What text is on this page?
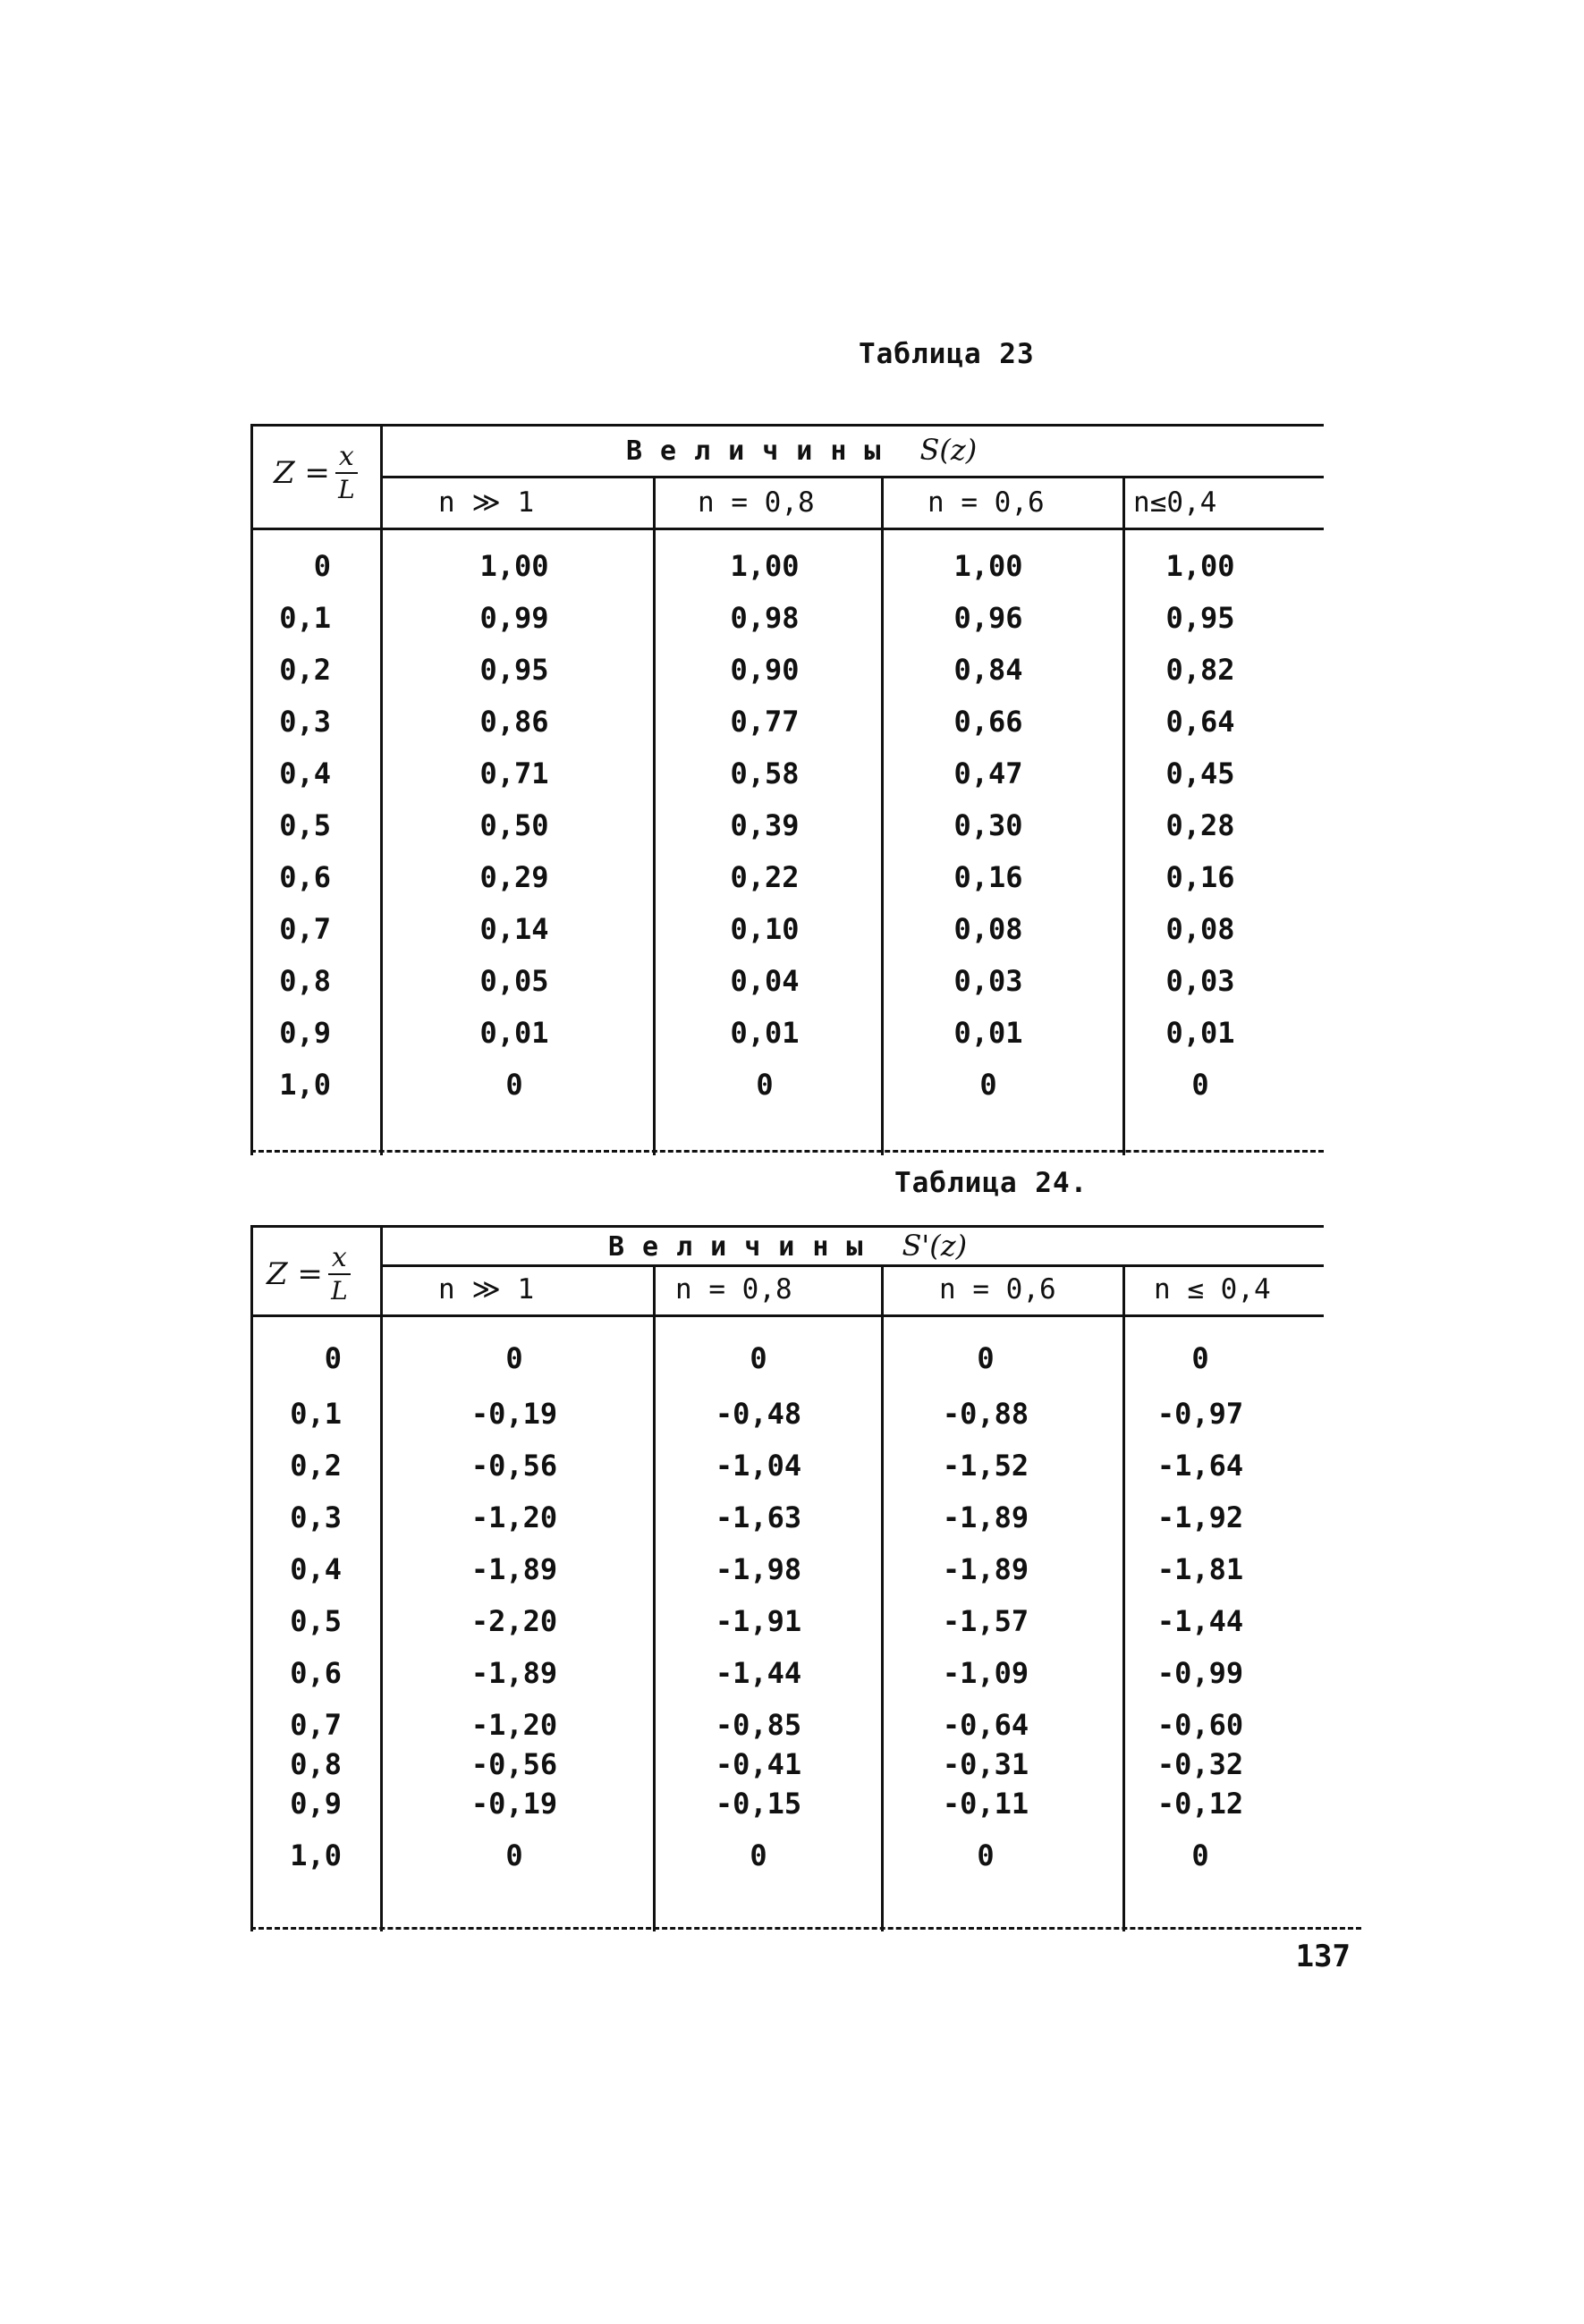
Таблица 23
$Z = \frac{x}{L}$	Величины S(z)
n ≫ 1	n = 0,8	n = 0,6	n≤0,4
0	1,00	1,00	1,00	1,00
0,1	0,99	0,98	0,96	0,95
0,2	0,95	0,90	0,84	0,82
0,3	0,86	0,77	0,66	0,64
0,4	0,71	0,58	0,47	0,45
0,5	0,50	0,39	0,30	0,28
0,6	0,29	0,22	0,16	0,16
0,7	0,14	0,10	0,08	0,08
0,8	0,05	0,04	0,03	0,03
0,9	0,01	0,01	0,01	0,01
1,0	0	0	0	0
Таблица 24.
$Z = \frac{x}{L}$	Величины S'(z)
n ≫ 1	n = 0,8	n = 0,6	n ≤ 0,4
0	0	0	0	0
0,1	-0,19	-0,48	-0,88	-0,97
0,2	-0,56	-1,04	-1,52	-1,64
0,3	-1,20	-1,63	-1,89	-1,92
0,4	-1,89	-1,98	-1,89	-1,81
0,5	-2,20	-1,91	-1,57	-1,44
0,6	-1,89	-1,44	-1,09	-0,99
0,7	-1,20	-0,85	-0,64	-0,60
0,8	-0,56	-0,41	-0,31	-0,32
0,9	-0,19	-0,15	-0,11	-0,12
1,0	0	0	0	0
137
